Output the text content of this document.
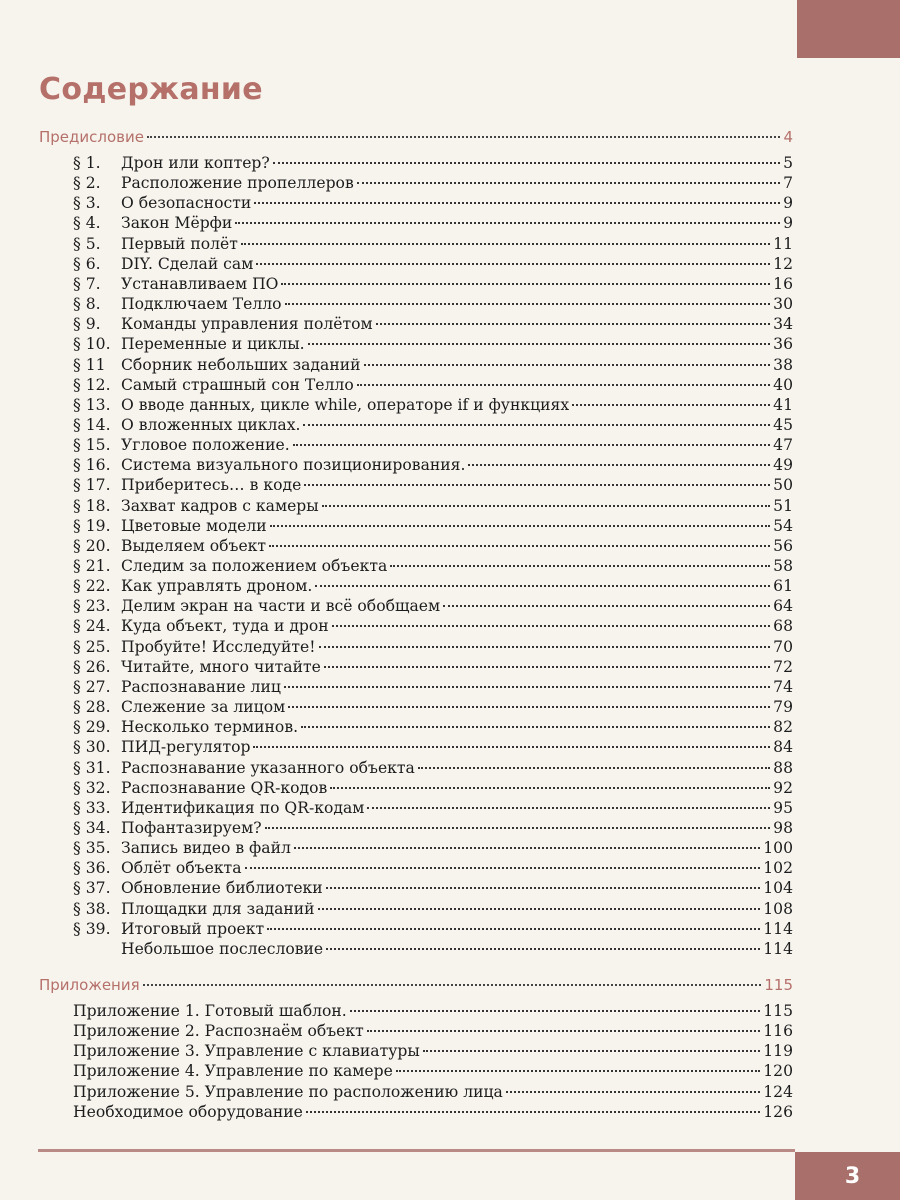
Содержание
Предисловие	4
§ 1.	Дрон или коптер?	5
§ 2.	Расположение пропеллеров	7
§ 3.	О безопасности	9
§ 4.	Закон Мёрфи	9
§ 5.	Первый полёт	11
§ 6.	DIY. Сделай сам	12
§ 7.	Устанавливаем ПО	16
§ 8.	Подключаем Телло	30
§ 9.	Команды управления полётом	34
§ 10. Переменные и циклы.	36
§ 11 Сборник небольших заданий	38
§ 12. Самый страшный сон Телло	40
§ 13. О вводе данных, цикле while, операторе if и функциях	41
§ 14. О вложенных циклах.	45
§ 15. Угловое положение.	47
§ 16. Система визуального позиционирования.	49
§ 17. Приберитесь… в коде	50
§ 18. Захват кадров с камеры	51
§ 19. Цветовые модели	54
§ 20. Выделяем объект	56
§ 21. Следим за положением объекта	58
§ 22. Как управлять дроном.	61
§ 23. Делим экран на части и всё обобщаем	64
§ 24. Куда объект, туда и дрон	68
§ 25. Пробуйте! Исследуйте!	70
§ 26. Читайте, много читайте	72
§ 27. Распознавание лиц	74
§ 28. Слежение за лицом	79
§ 29. Несколько терминов.	82
§ 30. ПИД-регулятор	84
§ 31. Распознавание указанного объекта	88
§ 32. Распознавание QR-кодов	92
§ 33. Идентификация по QR-кодам	95
§ 34. Пофантазируем?	98
§ 35. Запись видео в файл	100
§ 36. Облёт объекта	102
§ 37. Обновление библиотеки	104
§ 38. Площадки для заданий	108
§ 39. Итоговый проект	114
Небольшое послесловие	114
Приложения	115
Приложение 1. Готовый шаблон.	115
Приложение 2. Распознаём объект	116
Приложение 3. Управление с клавиатуры	119
Приложение 4. Управление по камере	120
Приложение 5. Управление по расположению лица	124
Необходимое оборудование	126
3
